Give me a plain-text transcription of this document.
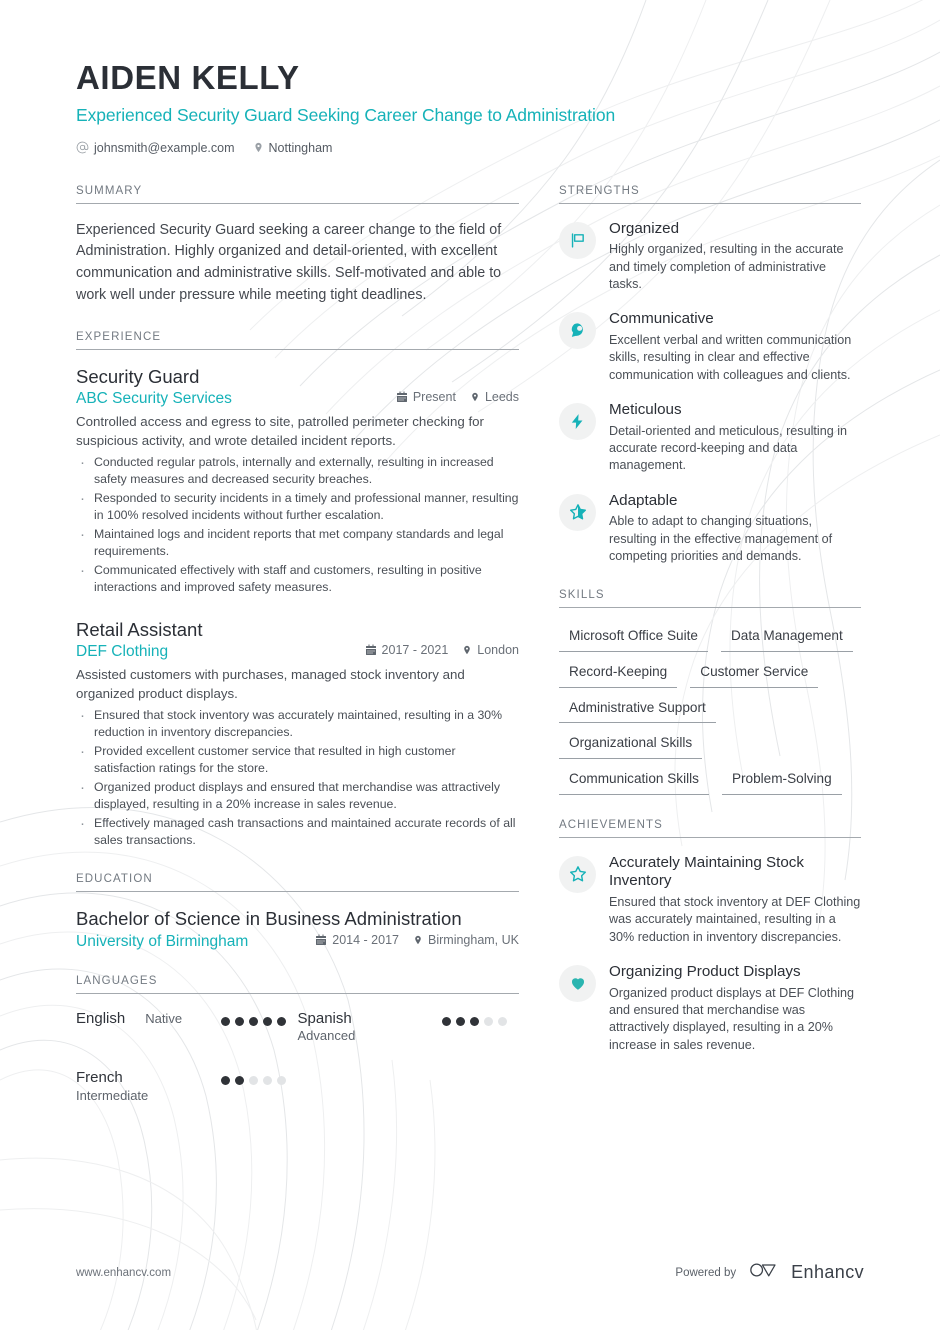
AIDEN KELLY
Experienced Security Guard Seeking Career Change to Administration
johnsmith@example.com	Nottingham
SUMMARY
Experienced Security Guard seeking a career change to the field of Administration. Highly organized and detail-oriented, with excellent communication and administrative skills. Self-motivated and able to work well under pressure while meeting tight deadlines.
EXPERIENCE
Security Guard
ABC Security Services	Present Leeds
Controlled access and egress to site, patrolled perimeter checking for suspicious activity, and wrote detailed incident reports.
· Conducted regular patrols, internally and externally, resulting in increased safety measures and decreased security breaches.
· Responded to security incidents in a timely and professional manner, resulting in 100% resolved incidents without further escalation.
· Maintained logs and incident reports that met company standards and legal requirements.
· Communicated effectively with staff and customers, resulting in positive interactions and improved safety measures.
Retail Assistant
DEF Clothing	2017 - 2021 London
Assisted customers with purchases, managed stock inventory and organized product displays.
· Ensured that stock inventory was accurately maintained, resulting in a 30% reduction in inventory discrepancies.
· Provided excellent customer service that resulted in high customer satisfaction ratings for the store.
· Organized product displays and ensured that merchandise was attractively displayed, resulting in a 20% increase in sales revenue.
· Effectively managed cash transactions and maintained accurate records of all sales transactions.
EDUCATION
Bachelor of Science in Business Administration
University of Birmingham	2014 - 2017 Birmingham, UK
LANGUAGES
English Native	Spanish
Advanced
French
Intermediate
STRENGTHS
Organized
Highly organized, resulting in the accurate and timely completion of administrative tasks.
Communicative
Excellent verbal and written communication skills, resulting in clear and effective communication with colleagues and clients.
Meticulous
Detail-oriented and meticulous, resulting in accurate record-keeping and data management.
Adaptable
Able to adapt to changing situations, resulting in the effective management of competing priorities and demands.
SKILLS
Microsoft Office Suite	Data Management
Record-Keeping	Customer Service
Administrative Support
Organizational Skills
Communication Skills	Problem-Solving
ACHIEVEMENTS
Accurately Maintaining Stock Inventory
Ensured that stock inventory at DEF Clothing was accurately maintained, resulting in a 30% reduction in inventory discrepancies.
Organizing Product Displays
Organized product displays at DEF Clothing and ensured that merchandise was attractively displayed, resulting in a 20% increase in sales revenue.
www.enhancv.com	Powered by	Enhancv
